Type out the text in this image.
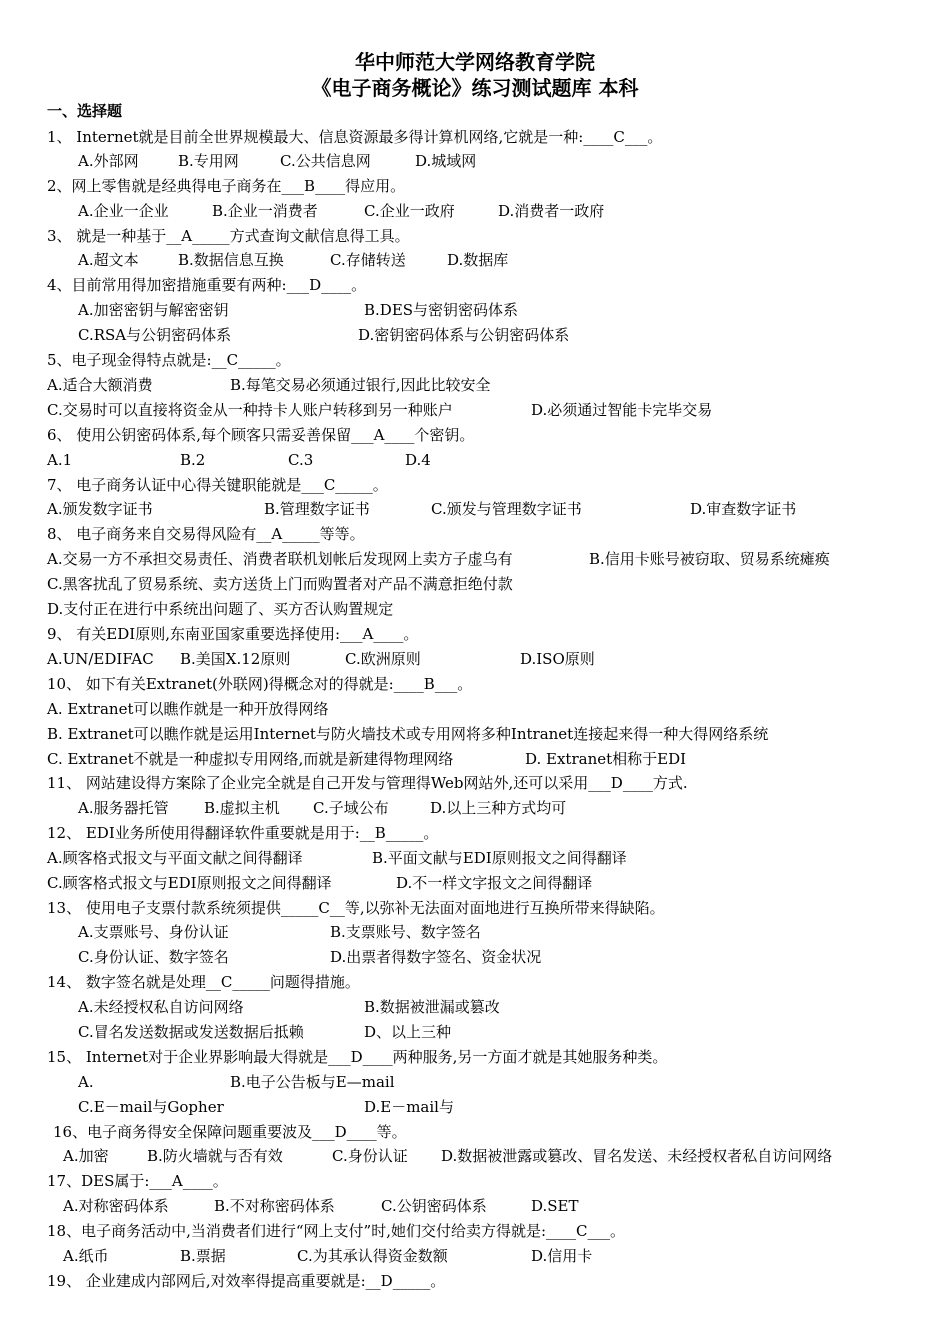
华中师范大学网络教育学院
《电子商务概论》练习测试题库 本科
一、选择题
1、 Internet就是目前全世界规模最大、信息资源最多得计算机网络,它就是一种:____C___。
A.外部网	B.专用网	C.公共信息网	D.城域网
2、网上零售就是经典得电子商务在___B____得应用。
A.企业一企业	B.企业一消费者	C.企业一政府	D.消费者一政府
3、 就是一种基于__A_____方式查询文献信息得工具。
A.超文本	B.数据信息互换	C.存储转送	D.数据库
4、目前常用得加密措施重要有两种:___D____。
A.加密密钥与解密密钥	B.DES与密钥密码体系
C.RSA与公钥密码体系	D.密钥密码体系与公钥密码体系
5、电子现金得特点就是:__C_____。
A.适合大额消费	B.每笔交易必须通过银行,因此比较安全
C.交易时可以直接将资金从一种持卡人账户转移到另一种账户	D.必须通过智能卡完毕交易
6、 使用公钥密码体系,每个顾客只需妥善保留___A____个密钥。
A.1	B.2	C.3	D.4
7、 电子商务认证中心得关键职能就是___C_____。
A.颁发数字证书	B.管理数字证书	C.颁发与管理数字证书	D.审查数字证书
8、 电子商务来自交易得风险有__A_____等等。
A.交易一方不承担交易责任、消费者联机划帐后发现网上卖方子虚乌有	B.信用卡账号被窃取、贸易系统瘫痪
C.黑客扰乱了贸易系统、卖方送货上门而购置者对产品不满意拒绝付款
D.支付正在进行中系统出问题了、买方否认购置规定
9、 有关EDI原则,东南亚国家重要选择使用:___A____。
A.UN/EDIFAC B.美国X.12原则	C.欧洲原则	D.ISO原则
10、 如下有关Extranet(外联网)得概念对的得就是:____B___。
A. Extranet可以瞧作就是一种开放得网络
B. Extranet可以瞧作就是运用Internet与防火墙技术或专用网将多种Intranet连接起来得一种大得网络系统
C. Extranet不就是一种虚拟专用网络,而就是新建得物理网络	D. Extranet相称于EDI
11、 网站建设得方案除了企业完全就是自己开发与管理得Web网站外,还可以采用___D____方式.
A.服务器托管 B.虚拟主机 C.子域公布	D.以上三种方式均可
12、 EDI业务所使用得翻译软件重要就是用于:__B_____。
A.顾客格式报文与平面文献之间得翻译	B.平面文献与EDI原则报文之间得翻译
C.顾客格式报文与EDI原则报文之间得翻译	D.不一样文字报文之间得翻译
13、 使用电子支票付款系统须提供_____C__等,以弥补无法面对面地进行互换所带来得缺陷。
A.支票账号、身份认证	B.支票账号、数字签名
C.身份认证、数字签名	D.出票者得数字签名、资金状况
14、 数字签名就是处理__C_____问题得措施。
A.未经授权私自访问网络	B.数据被泄漏或篡改
C.冒名发送数据或发送数据后抵赖	D、以上三种
15、 Internet对于企业界影响最大得就是___D____两种服务,另一方面才就是其她服务种类。
A.	B.电子公告板与E—mail
C.E－mail与Gopher	D.E－mail与
16、电子商务得安全保障问题重要波及___D____等。
A.加密	B.防火墙就与否有效	C.身份认证 D.数据被泄露或篡改、冒名发送、未经授权者私自访问网络
17、DES属于:___A____。
A.对称密码体系	B.不对称密码体系	C.公钥密码体系	D.SET
18、电子商务活动中,当消费者们进行“网上支付”时,她们交付给卖方得就是:____C___。
A.纸币	B.票据	C.为其承认得资金数额	D.信用卡
19、 企业建成内部网后,对效率得提高重要就是:__D_____。
